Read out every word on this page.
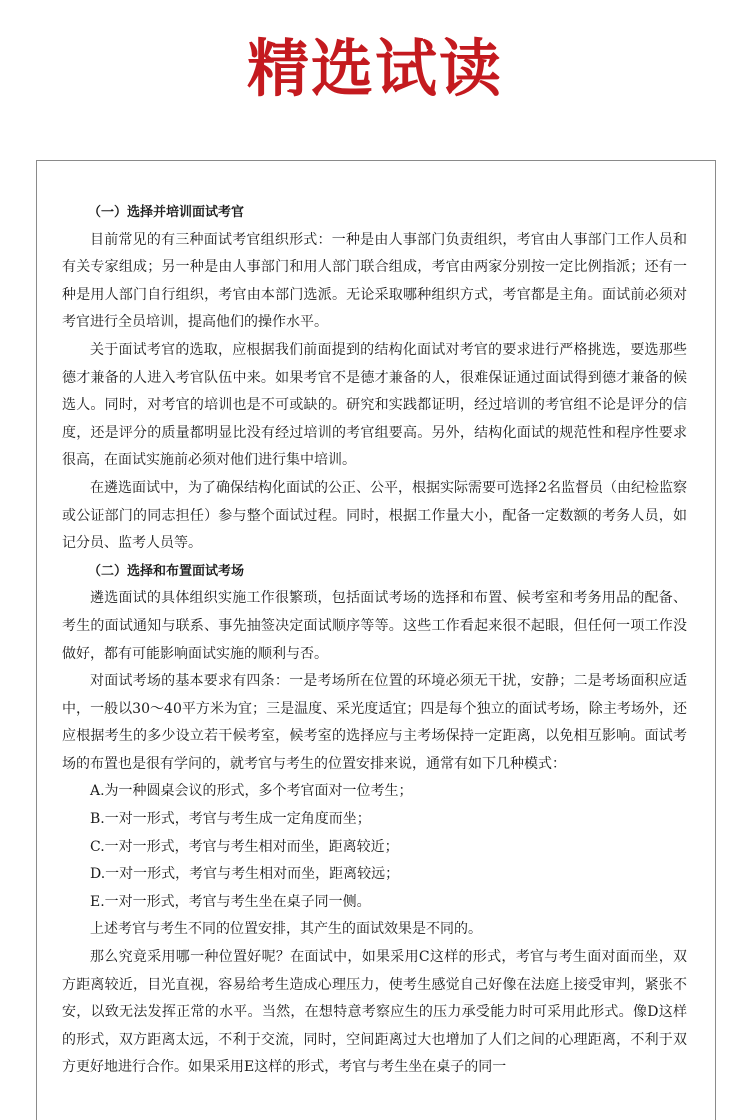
精选试读

（一）选择并培训面试考官

目前常见的有三种面试考官组织形式：一种是由人事部门负责组织，考官由人事部门工作人员和有关专家组成；另一种是由人事部门和用人部门联合组成，考官由两家分别按一定比例指派；还有一种是用人部门自行组织，考官由本部门选派。无论采取哪种组织方式，考官都是主角。面试前必须对考官进行全员培训，提高他们的操作水平。

关于面试考官的选取，应根据我们前面提到的结构化面试对考官的要求进行严格挑选，要选那些德才兼备的人进入考官队伍中来。如果考官不是德才兼备的人，很难保证通过面试得到德才兼备的候选人。同时，对考官的培训也是不可或缺的。研究和实践都证明，经过培训的考官组不论是评分的信度，还是评分的质量都明显比没有经过培训的考官组要高。另外，结构化面试的规范性和程序性要求很高，在面试实施前必须对他们进行集中培训。

在遴选面试中，为了确保结构化面试的公正、公平，根据实际需要可选择2名监督员（由纪检监察或公证部门的同志担任）参与整个面试过程。同时，根据工作量大小，配备一定数额的考务人员，如记分员、监考人员等。

（二）选择和布置面试考场

遴选面试的具体组织实施工作很繁琐，包括面试考场的选择和布置、候考室和考务用品的配备、考生的面试通知与联系、事先抽签决定面试顺序等等。这些工作看起来很不起眼，但任何一项工作没做好，都有可能影响面试实施的顺利与否。

对面试考场的基本要求有四条：一是考场所在位置的环境必须无干扰，安静；二是考场面积应适中，一般以30～40平方米为宜；三是温度、采光度适宜；四是每个独立的面试考场，除主考场外，还应根据考生的多少设立若干候考室，候考室的选择应与主考场保持一定距离，以免相互影响。面试考场的布置也是很有学问的，就考官与考生的位置安排来说，通常有如下几种模式：

A.为一种圆桌会议的形式，多个考官面对一位考生；

B.一对一形式，考官与考生成一定角度而坐；

C.一对一形式，考官与考生相对而坐，距离较近；

D.一对一形式，考官与考生相对而坐，距离较远；

E.一对一形式，考官与考生坐在桌子同一侧。

上述考官与考生不同的位置安排，其产生的面试效果是不同的。

那么究竟采用哪一种位置好呢？在面试中，如果采用C这样的形式，考官与考生面对面而坐，双方距离较近，目光直视，容易给考生造成心理压力，使考生感觉自己好像在法庭上接受审判，紧张不安，以致无法发挥正常的水平。当然，在想特意考察应生的压力承受能力时可采用此形式。像D这样的形式，双方距离太远，不利于交流，同时，空间距离过大也增加了人们之间的心理距离，不利于双方更好地进行合作。如果采用E这样的形式，考官与考生坐在桌子的同一
